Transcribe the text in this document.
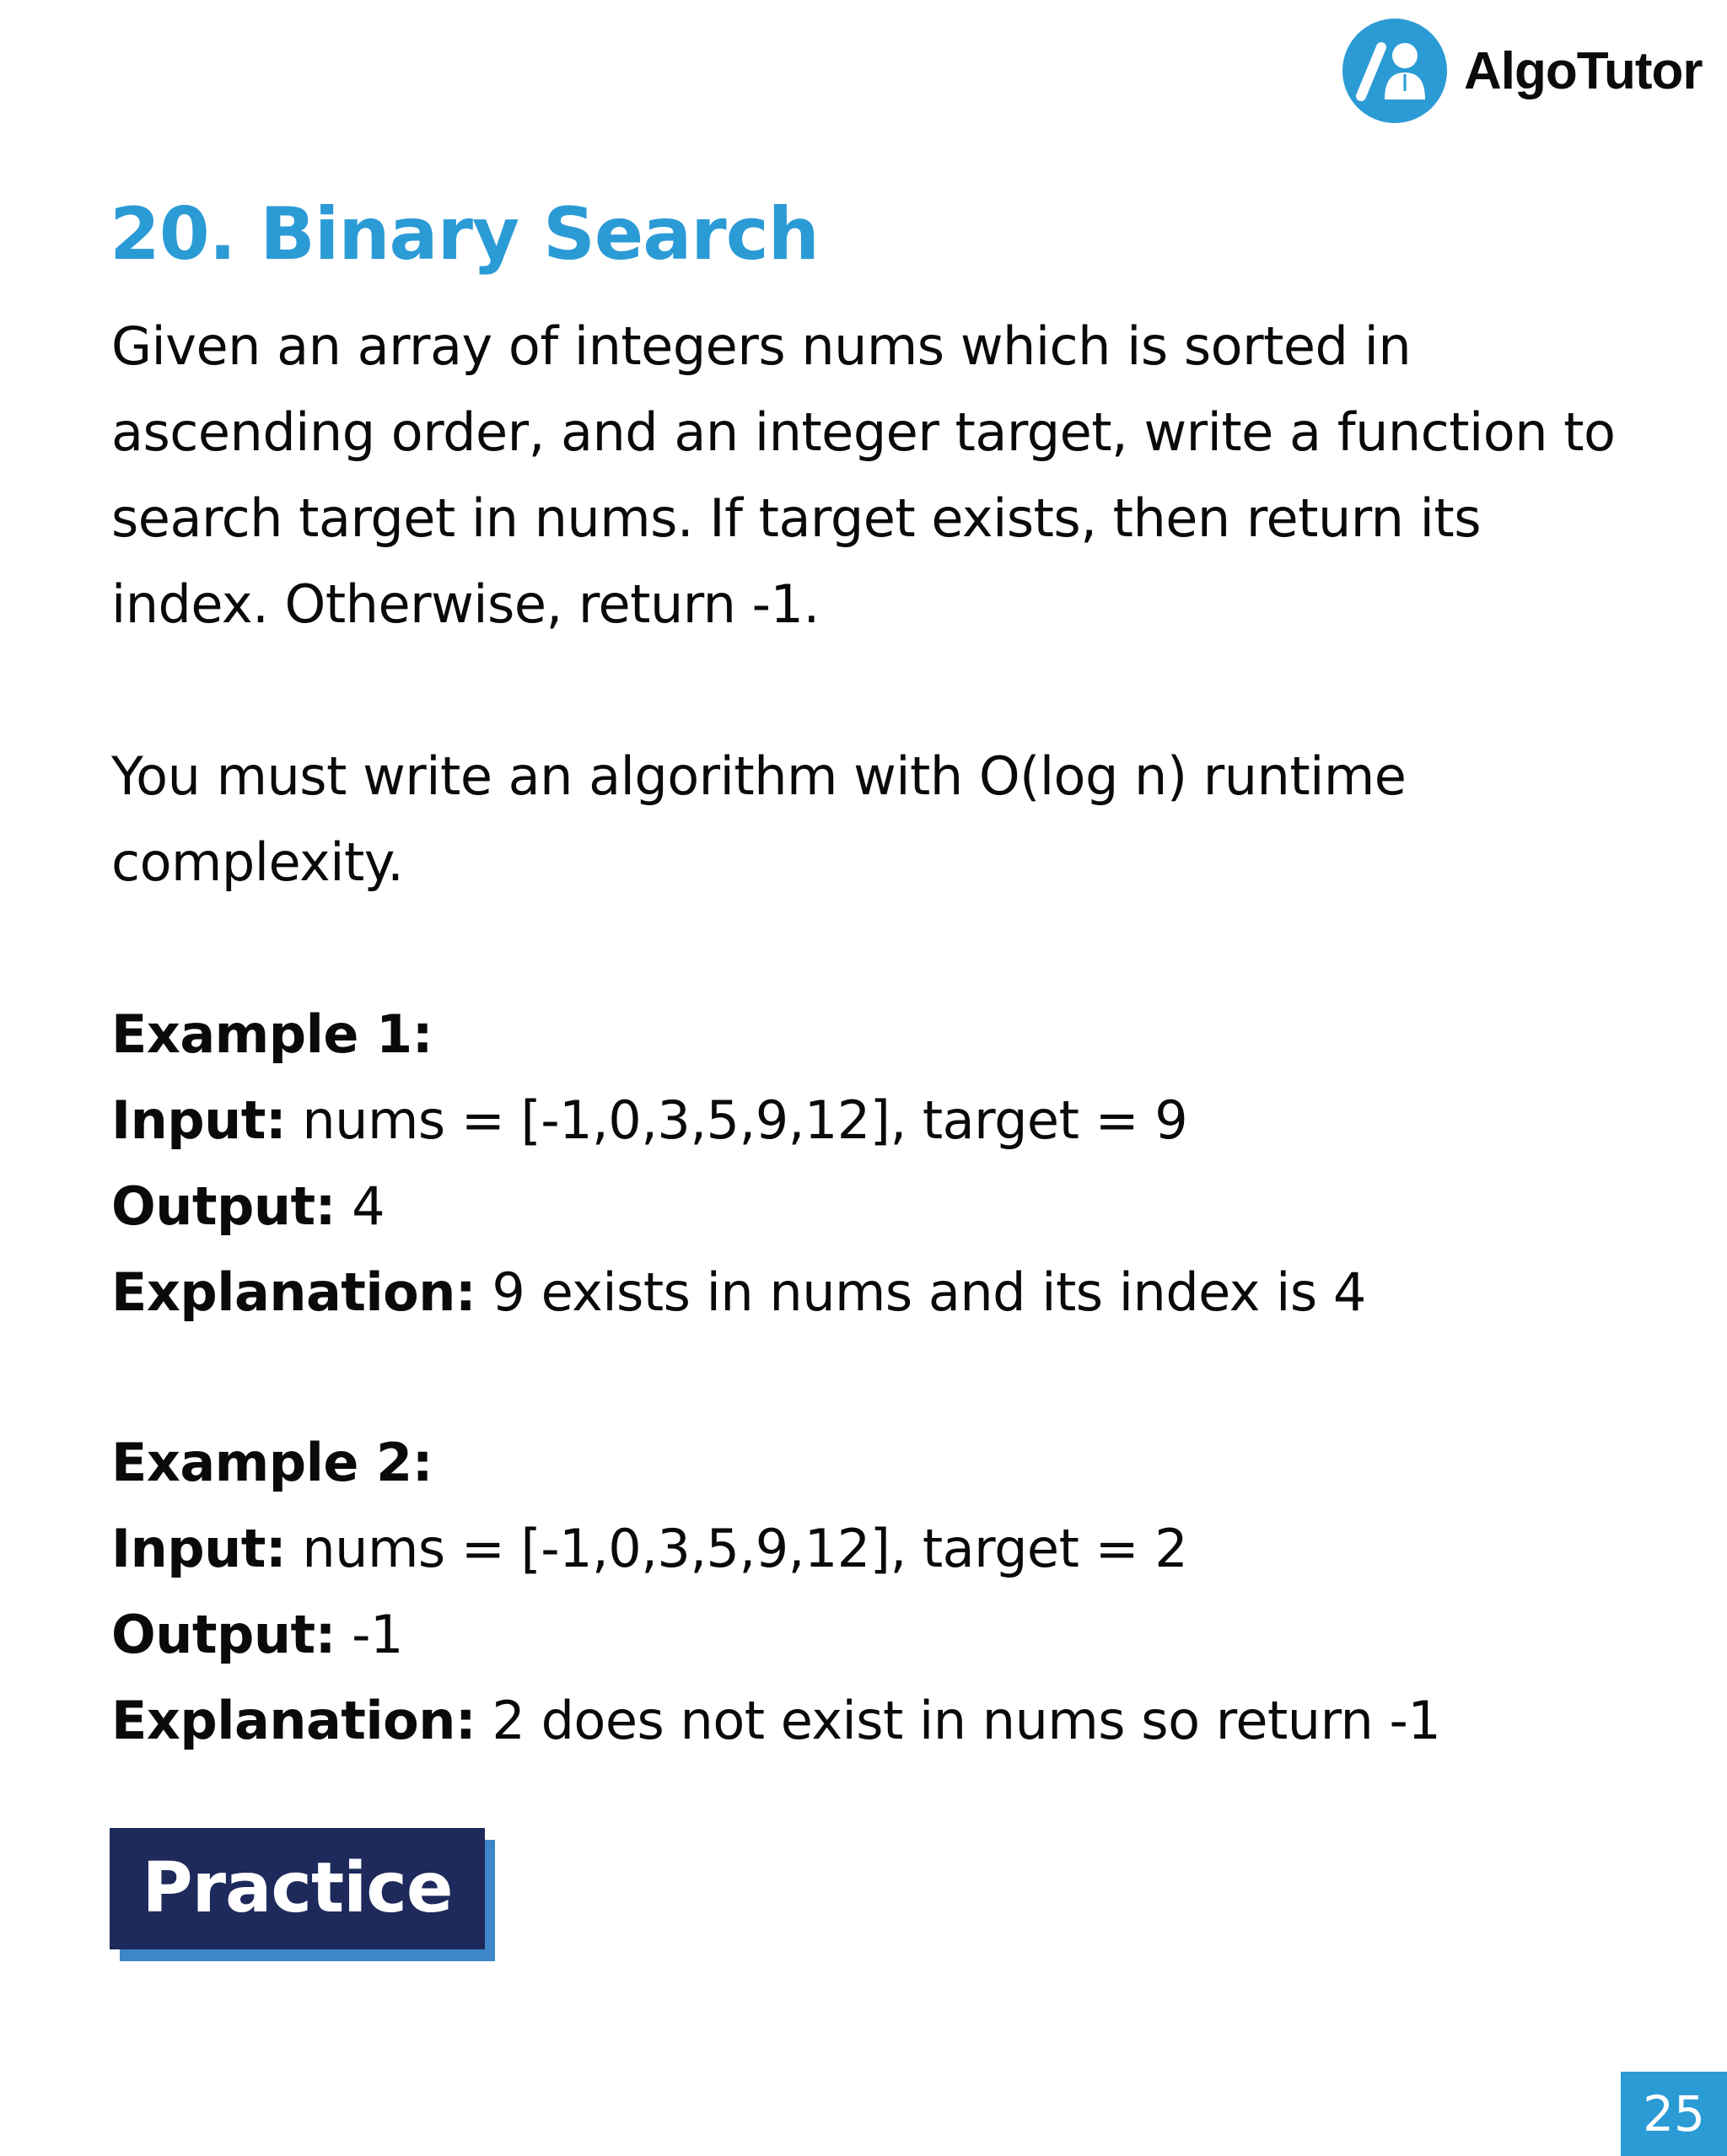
AlgoTutor
20. Binary Search

Given an array of integers nums which is sorted in ascending order, and an integer target, write a function to search target in nums. If target exists, then return its index. Otherwise, return -1.

You must write an algorithm with O(log n) runtime complexity.

Example 1:
Input: nums = [-1,0,3,5,9,12], target = 9
Output: 4
Explanation: 9 exists in nums and its index is 4
Example 2:
Input: nums = [-1,0,3,5,9,12], target = 2
Output: -1
Explanation: 2 does not exist in nums so return -1
Practice
25
